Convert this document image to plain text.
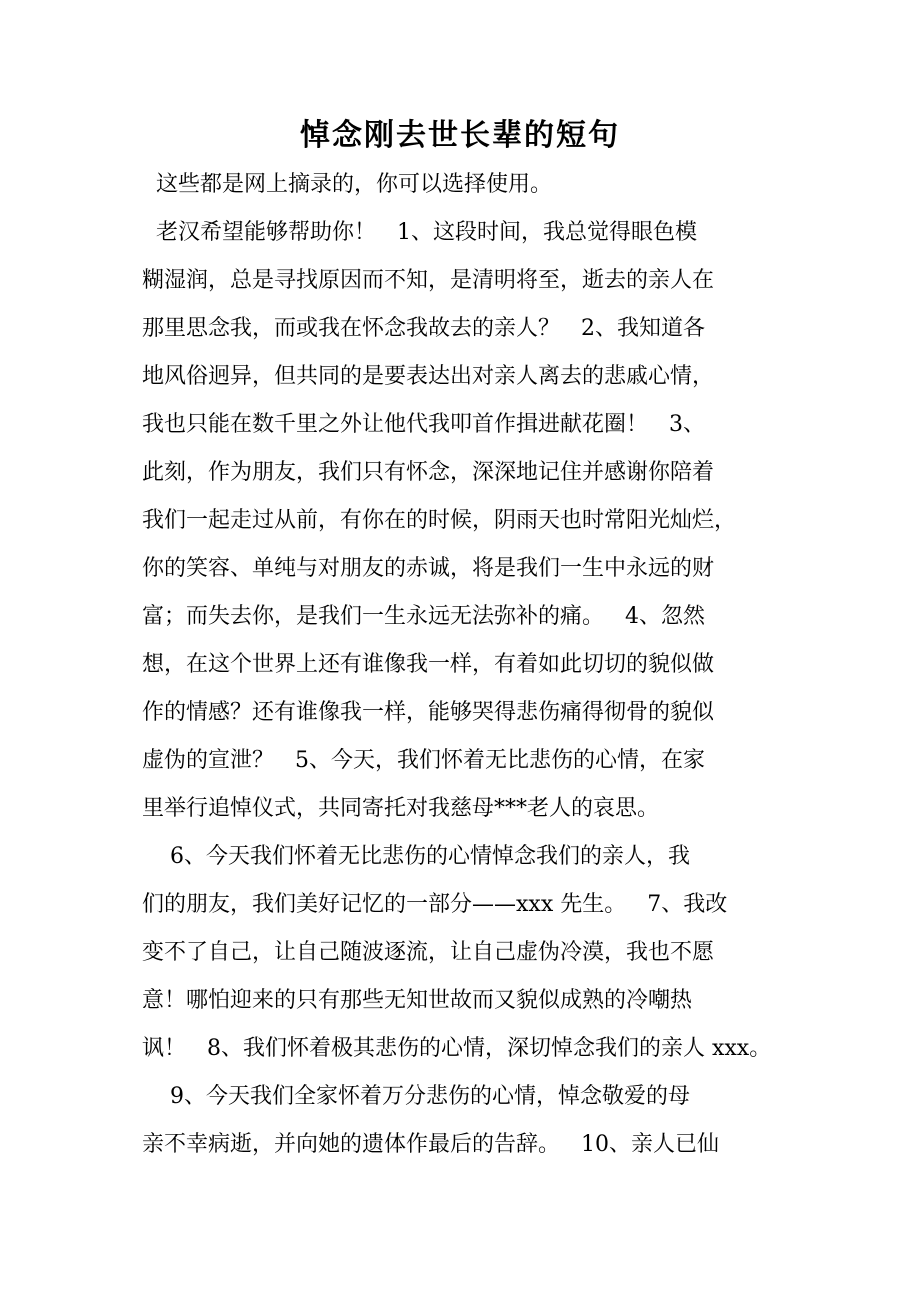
悼念刚去世长辈的短句
这些都是网上摘录的，你可以选择使用。
老汉希望能够帮助你！   1、这段时间，我总觉得眼色模
糊湿润，总是寻找原因而不知，是清明将至，逝去的亲人在
那里思念我，而或我在怀念我故去的亲人？   2、我知道各
地风俗迥异，但共同的是要表达出对亲人离去的悲戚心情，
我也只能在数千里之外让他代我叩首作揖进献花圈！   3、
此刻，作为朋友，我们只有怀念，深深地记住并感谢你陪着
我们一起走过从前，有你在的时候，阴雨天也时常阳光灿烂，
你的笑容、单纯与对朋友的赤诚，将是我们一生中永远的财
富；而失去你，是我们一生永远无法弥补的痛。   4、忽然
想，在这个世界上还有谁像我一样，有着如此切切的貌似做
作的情感？还有谁像我一样，能够哭得悲伤痛得彻骨的貌似
虚伪的宣泄？   5、今天，我们怀着无比悲伤的心情，在家
里举行追悼仪式，共同寄托对我慈母***老人的哀思。
6、今天我们怀着无比悲伤的心情悼念我们的亲人，我
们的朋友，我们美好记忆的一部分——xxx 先生。   7、我改
变不了自己，让自己随波逐流，让自己虚伪冷漠，我也不愿
意！哪怕迎来的只有那些无知世故而又貌似成熟的冷嘲热
讽！   8、我们怀着极其悲伤的心情，深切悼念我们的亲人 xxx。
9、今天我们全家怀着万分悲伤的心情，悼念敬爱的母
亲不幸病逝，并向她的遗体作最后的告辞。   10、亲人已仙
